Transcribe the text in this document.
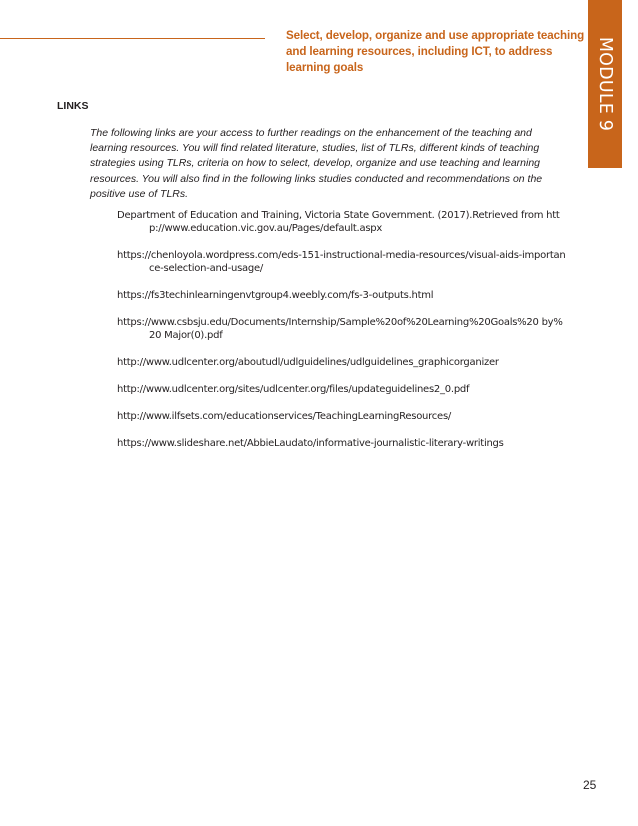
Select, develop, organize and use appropriate teaching and learning resources, including ICT, to address learning goals	MODULE 9
LINKS

The following links are your access to further readings on the enhancement of the teaching and learning resources. You will find related literature, studies, list of TLRs, different kinds of teaching strategies using TLRs, criteria on how to select, develop, organize and use teaching and learning resources. You will also find in the following links studies conducted and recommendations on the positive use of TLRs.

Department of Education and Training, Victoria State Government. (2017).Retrieved from http://www.education.vic.gov.au/Pages/default.aspx
https://chenloyola.wordpress.com/eds-151-instructional-media-resources/visual-aids-importance-selection-and-usage/
https://fs3techinlearningenvtgroup4.weebly.com/fs-3-outputs.html
https://www.csbsju.edu/Documents/Internship/Sample%20of%20Learning%20Goals%20 by%20 Major(0).pdf
http://www.udlcenter.org/aboutudl/udlguidelines/udlguidelines_graphicorganizer
http://www.udlcenter.org/sites/udlcenter.org/files/updateguidelines2_0.pdf
http://www.ilfsets.com/educationservices/TeachingLearningResources/
https://www.slideshare.net/AbbieLaudato/informative-journalistic-literary-writings
25
